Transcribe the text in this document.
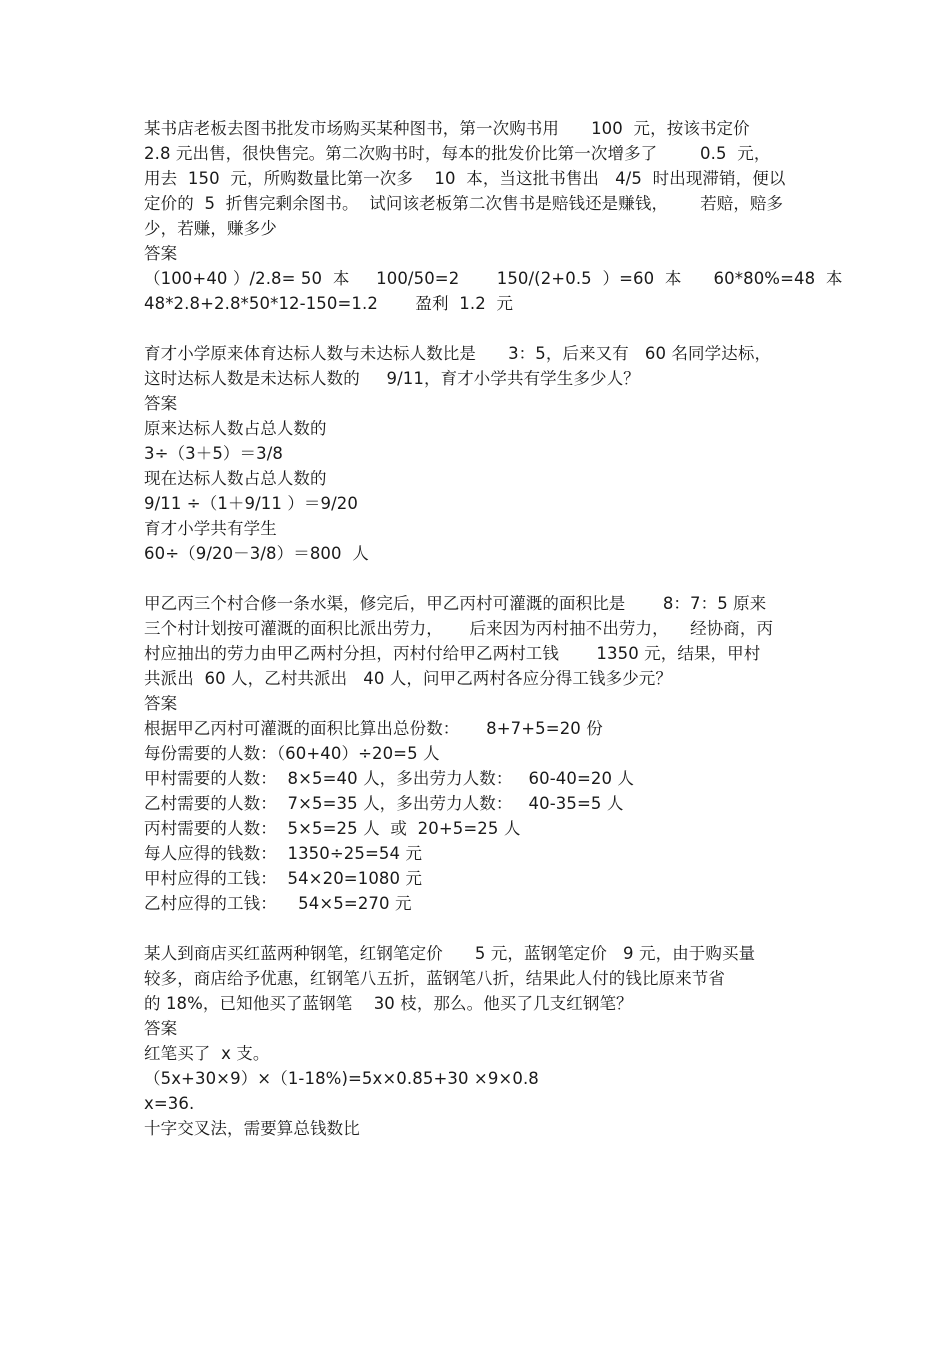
某书店老板去图书批发市场购买某种图书，第一次购书用      100  元，按该书定价
2.8 元出售，很快售完。第二次购书时，每本的批发价比第一次增多了        0.5  元，
用去  150  元，所购数量比第一次多    10  本，当这批书售出   4/5  时出现滞销，便以
定价的  5  折售完剩余图书。  试问该老板第二次售书是赔钱还是赚钱，      若赔，赔多
少，若赚，赚多少
答案
（100+40 ）/2.8= 50  本     100/50=2       150/(2+0.5  ）=60  本      60*80%=48  本
48*2.8+2.8*50*12-150=1.2       盈利  1.2  元
育才小学原来体育达标人数与未达标人数比是      3：5，后来又有   60 名同学达标，
这时达标人数是未达标人数的     9/11，育才小学共有学生多少人？
答案
原来达标人数占总人数的
3÷（3＋5）＝3/8
现在达标人数占总人数的
9/11 ÷（1＋9/11 ）＝9/20
育才小学共有学生
60÷（9/20－3/8）＝800  人
甲乙丙三个村合修一条水渠，修完后，甲乙丙村可灌溉的面积比是       8：7：5 原来
三个村计划按可灌溉的面积比派出劳力，     后来因为丙村抽不出劳力，    经协商，丙
村应抽出的劳力由甲乙两村分担，丙村付给甲乙两村工钱       1350 元，结果，甲村
共派出  60 人，乙村共派出   40 人，问甲乙两村各应分得工钱多少元？
答案
根据甲乙丙村可灌溉的面积比算出总份数：     8+7+5=20 份
每份需要的人数：（60+40）÷20=5 人
甲村需要的人数：  8×5=40 人，多出劳力人数：   60-40=20 人
乙村需要的人数：  7×5=35 人，多出劳力人数：   40-35=5 人
丙村需要的人数：  5×5=25 人  或  20+5=25 人
每人应得的钱数：  1350÷25=54 元
甲村应得的工钱：  54×20=1080 元
乙村应得的工钱：    54×5=270 元
某人到商店买红蓝两种钢笔，红钢笔定价      5 元，蓝钢笔定价   9 元，由于购买量
较多，商店给予优惠，红钢笔八五折，蓝钢笔八折，结果此人付的钱比原来节省
的 18%，已知他买了蓝钢笔    30 枝，那么。他买了几支红钢笔？
答案
红笔买了  x 支。
（5x+30×9）×（1-18%)=5x×0.85+30 ×9×0.8
x=36.
十字交叉法，需要算总钱数比
